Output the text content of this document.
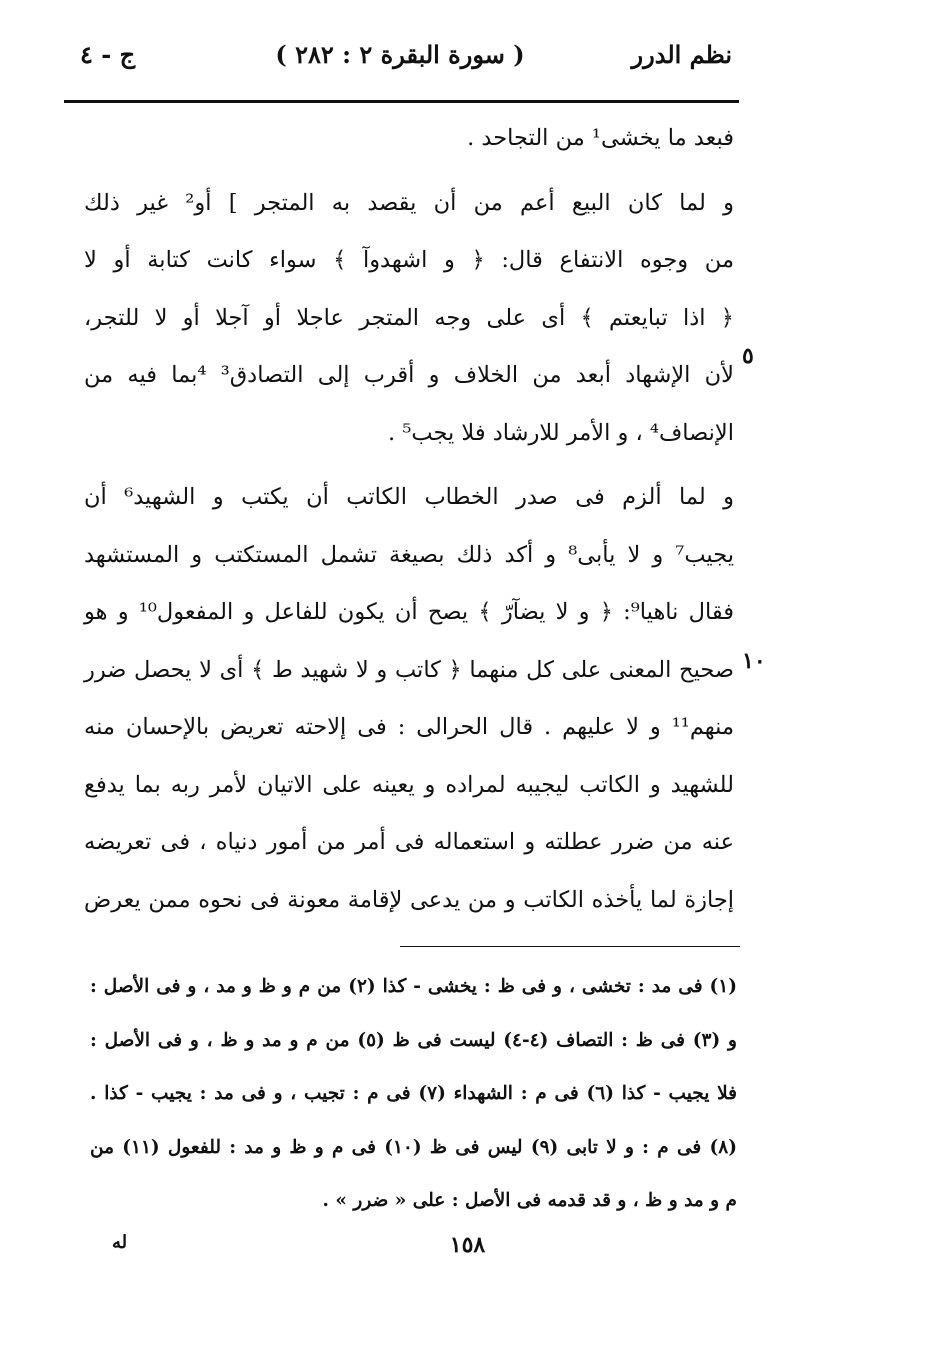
نظم الدرر
( سورة البقرة ٢ : ٢٨٢ )
ج - ٤
فبعد ما يخشى¹ من التجاحد .
و لما كان البيع أعم من أن يقصد به المتجر ] أو² غير ذلك
من وجوه الانتفاع قال: ﴿ و اشهدوآ ﴾ سواء كانت كتابة أو لا
﴿ اذا تبايعتم ﴾ أى على وجه المتجر عاجلا أو آجلا أو لا للتجر،
لأن الإشهاد أبعد من الخلاف و أقرب إلى التصادق³ ⁴بما فيه من
الإنصاف⁴ ، و الأمر للارشاد فلا يجب⁵ .
و لما ألزم فى صدر الخطاب الكاتب أن يكتب و الشهيد⁶ أن
يجيب⁷ و لا يأبى⁸ و أكد ذلك بصيغة تشمل المستكتب و المستشهد
فقال ناهيا⁹: ﴿ و لا يضآرّ ﴾ يصح أن يكون للفاعل و المفعول¹⁰ و هو
صحيح المعنى على كل منهما ﴿ كاتب و لا شهيد ط ﴾ أى لا يحصل ضرر
منهم¹¹ و لا عليهم . قال الحرالى : فى إلاحته تعريض بالإحسان منه
للشهيد و الكاتب ليجيبه لمراده و يعينه على الاتيان لأمر ربه بما يدفع
عنه من ضرر عطلته و استعماله فى أمر من أمور دنياه ، فى تعريضه
إجازة لما يأخذه الكاتب و من يدعى لإقامة معونة فى نحوه ممن يعرض
٥
١٠
(١) فى مد : تخشى ، و فى ظ : يخشى - كذا (٢) من م و ظ و مد ، و فى الأصل :
و (٣) فى ظ : التصاف (٤-٤) ليست فى ظ (٥) من م و مد و ظ ، و فى الأصل :
فلا يجيب - كذا (٦) فى م : الشهداء (٧) فى م : تجيب ، و فى مد : يجيب - كذا .
(٨) فى م : و لا تابى (٩) ليس فى ظ (١٠) فى م و ظ و مد : للفعول (١١) من
م و مد و ظ ، و قد قدمه فى الأصل : على « ضرر » .
١٥٨
له
